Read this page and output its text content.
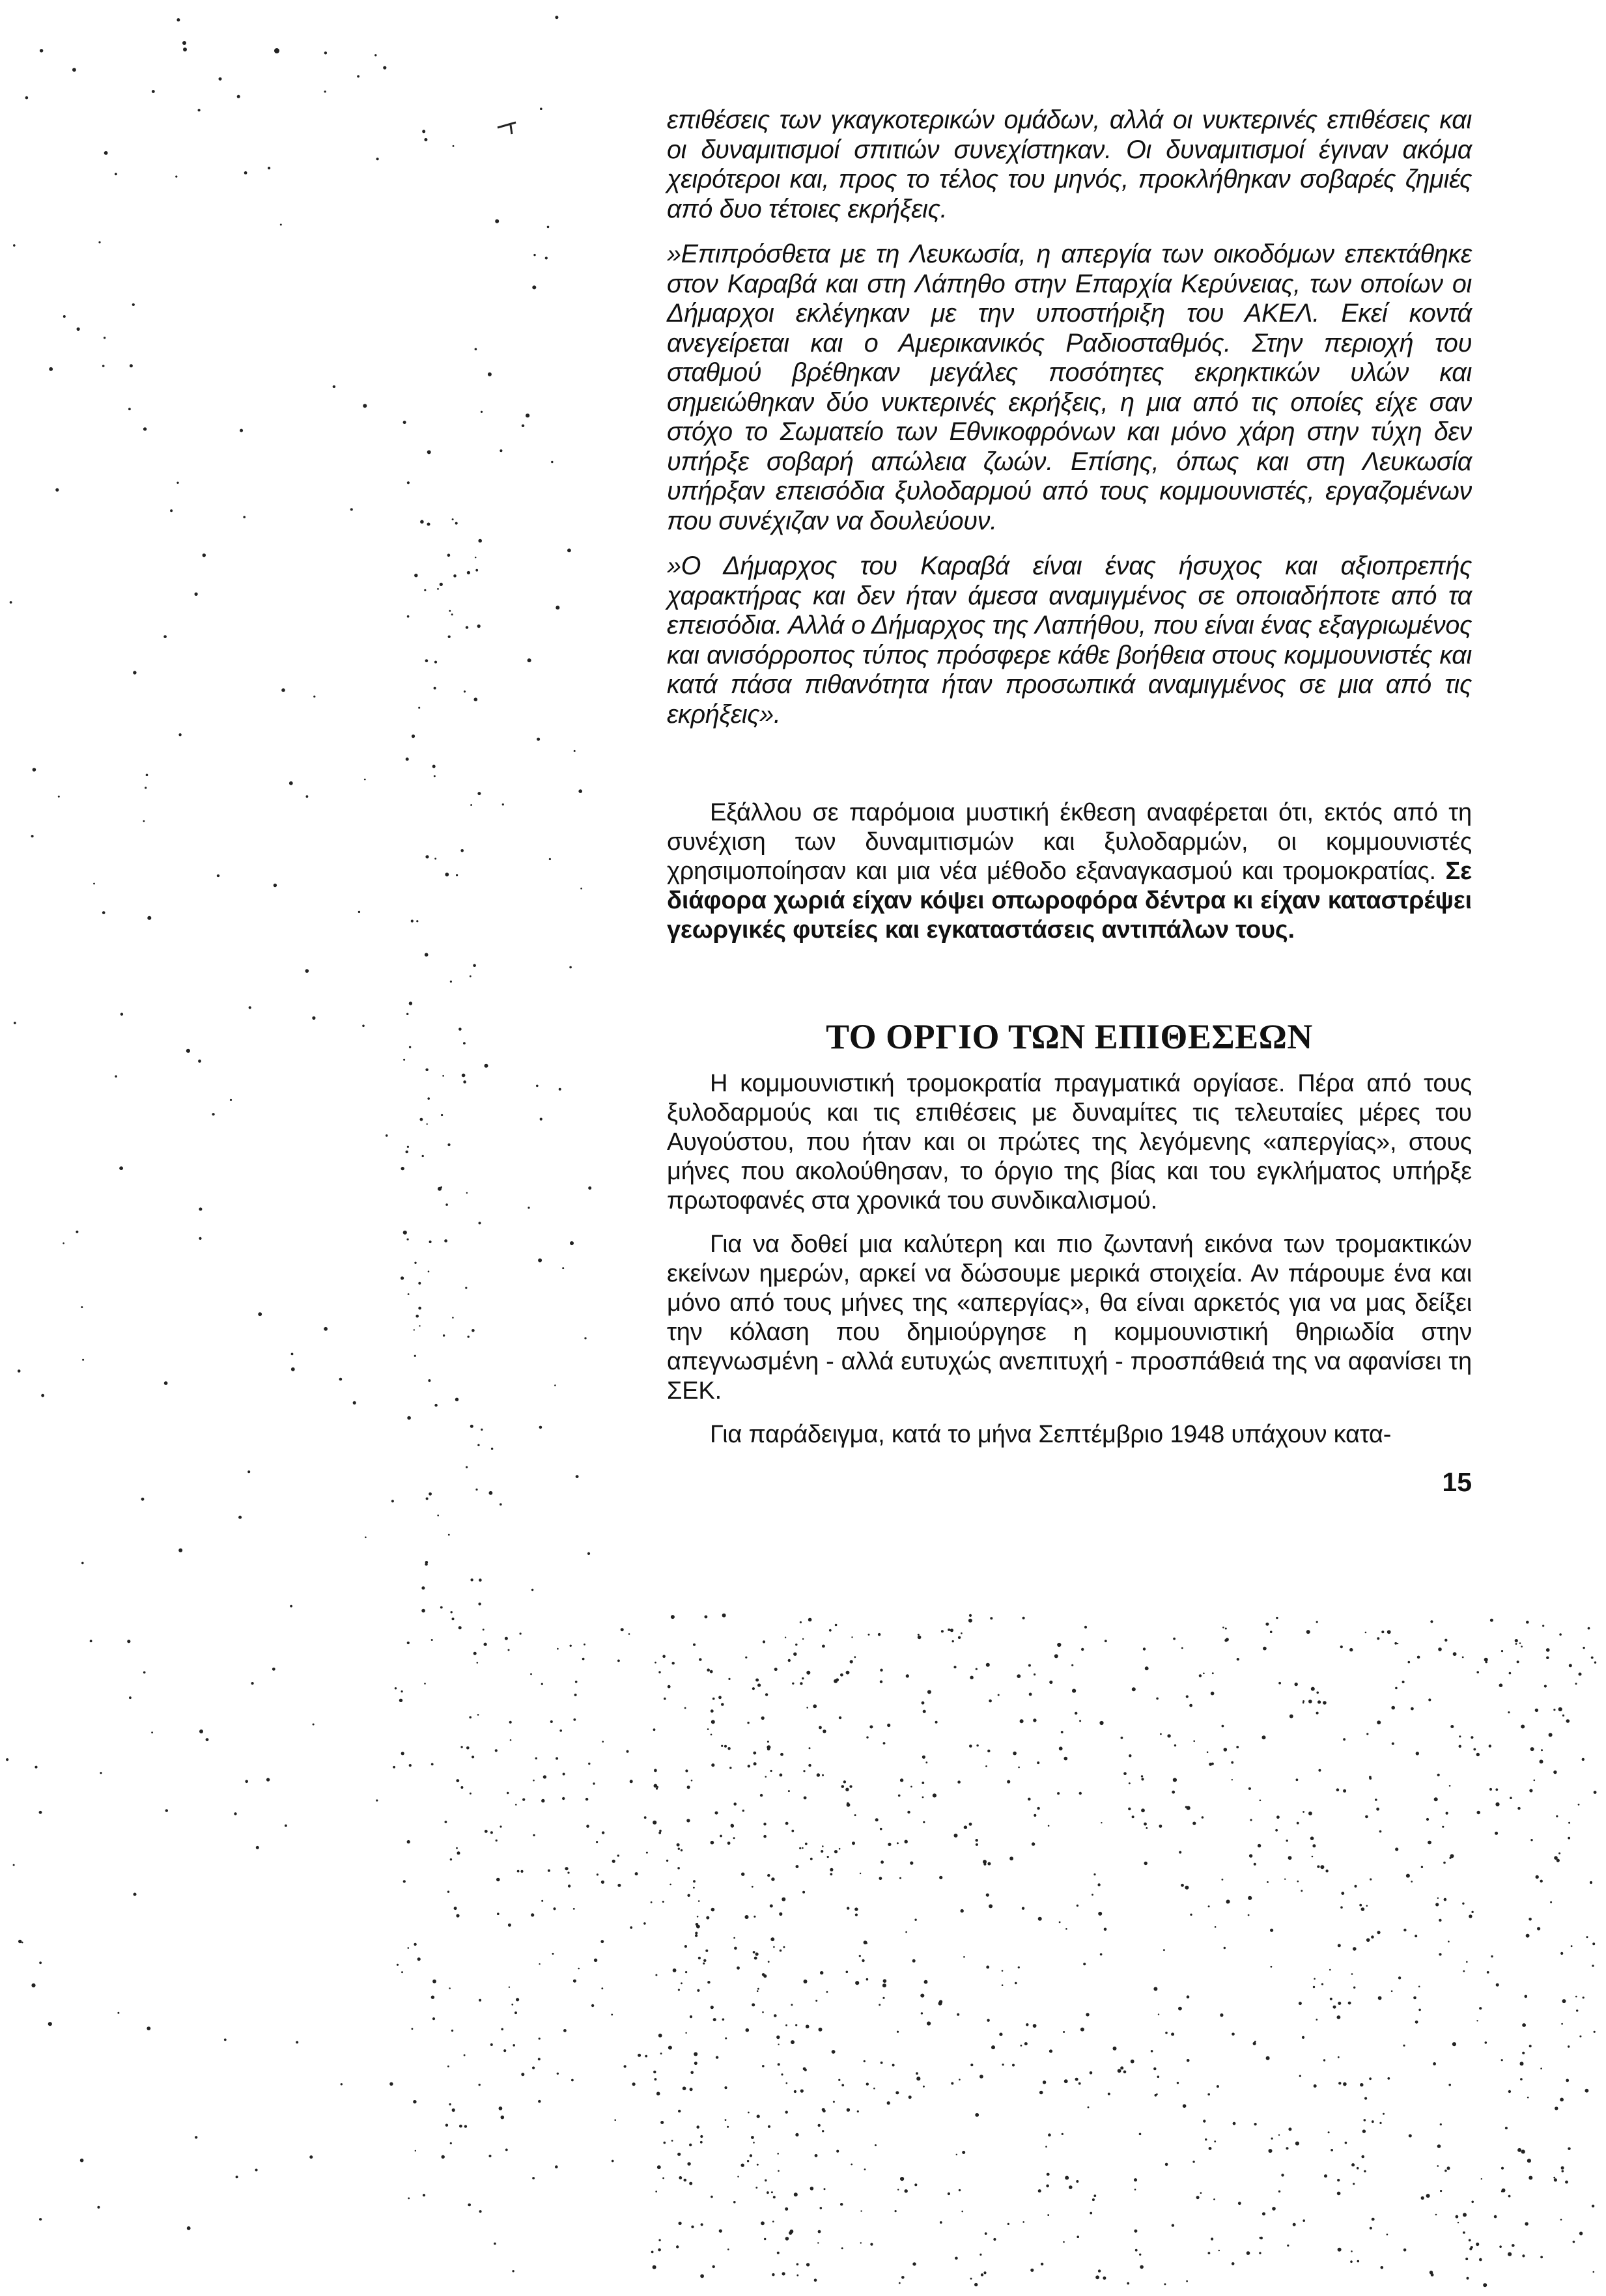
επιθέσεις των γκαγκοτερικών ομάδων, αλλά οι νυκτερινές επιθέσεις και οι δυναμιτισμοί σπιτιών συνεχίστηκαν. Οι δυναμιτισμοί έγιναν ακόμα χειρότεροι και, προς το τέλος του μηνός, προκλήθηκαν σοβαρές ζημιές από δυο τέτοιες εκρήξεις.

»Επιπρόσθετα με τη Λευκωσία, η απεργία των οικοδόμων επεκτάθηκε στον Καραβά και στη Λάπηθο στην Επαρχία Κερύνειας, των οποίων οι Δήμαρχοι εκλέγηκαν με την υποστήριξη του ΑΚΕΛ. Εκεί κοντά ανεγείρεται και ο Αμερικανικός Ραδιοσταθμός. Στην περιοχή του σταθμού βρέθηκαν μεγάλες ποσότητες εκρηκτικών υλών και σημειώθηκαν δύο νυκτερινές εκρήξεις, η μια από τις οποίες είχε σαν στόχο το Σωματείο των Εθνικοφρόνων και μόνο χάρη στην τύχη δεν υπήρξε σοβαρή απώλεια ζωών. Επίσης, όπως και στη Λευκωσία υπήρξαν επεισόδια ξυλοδαρμού από τους κομμουνιστές, εργαζομένων που συνέχιζαν να δουλεύουν.

»Ο Δήμαρχος του Καραβά είναι ένας ήσυχος και αξιοπρεπής χαρακτήρας και δεν ήταν άμεσα αναμιγμένος σε οποιαδήποτε από τα επεισόδια. Αλλά ο Δήμαρχος της Λαπήθου, που είναι ένας εξαγριωμένος και ανισόρροπος τύπος πρόσφερε κάθε βοήθεια στους κομμουνιστές και κατά πάσα πιθανότητα ήταν προσωπικά αναμιγμένος σε μια από τις εκρήξεις».

Εξάλλου σε παρόμοια μυστική έκθεση αναφέρεται ότι, εκτός από τη συνέχιση των δυναμιτισμών και ξυλοδαρμών, οι κομμουνιστές χρησιμοποίησαν και μια νέα μέθοδο εξαναγκασμού και τρομοκρατίας. Σε διάφορα χωριά είχαν κόψει οπωροφόρα δέντρα κι είχαν καταστρέψει γεωργικές φυτείες και εγκαταστάσεις αντιπάλων τους.

ΤΟ ΟΡΓΙΟ ΤΩΝ ΕΠΙΘΕΣΕΩΝ

Η κομμουνιστική τρομοκρατία πραγματικά οργίασε. Πέρα από τους ξυλοδαρμούς και τις επιθέσεις με δυναμίτες τις τελευταίες μέρες του Αυγούστου, που ήταν και οι πρώτες της λεγόμενης «απεργίας», στους μήνες που ακολούθησαν, το όργιο της βίας και του εγκλήματος υπήρξε πρωτοφανές στα χρονικά του συνδικαλισμού.

Για να δοθεί μια καλύτερη και πιο ζωντανή εικόνα των τρομακτικών εκείνων ημερών, αρκεί να δώσουμε μερικά στοιχεία. Αν πάρουμε ένα και μόνο από τους μήνες της «απεργίας», θα είναι αρκετός για να μας δείξει την κόλαση που δημιούργησε η κομμουνιστική θηριωδία στην απεγνωσμένη - αλλά ευτυχώς ανεπιτυχή - προσπάθειά της να αφανίσει τη ΣΕΚ.

Για παράδειγμα, κατά το μήνα Σεπτέμβριο 1948 υπάχουν κατα-

15
